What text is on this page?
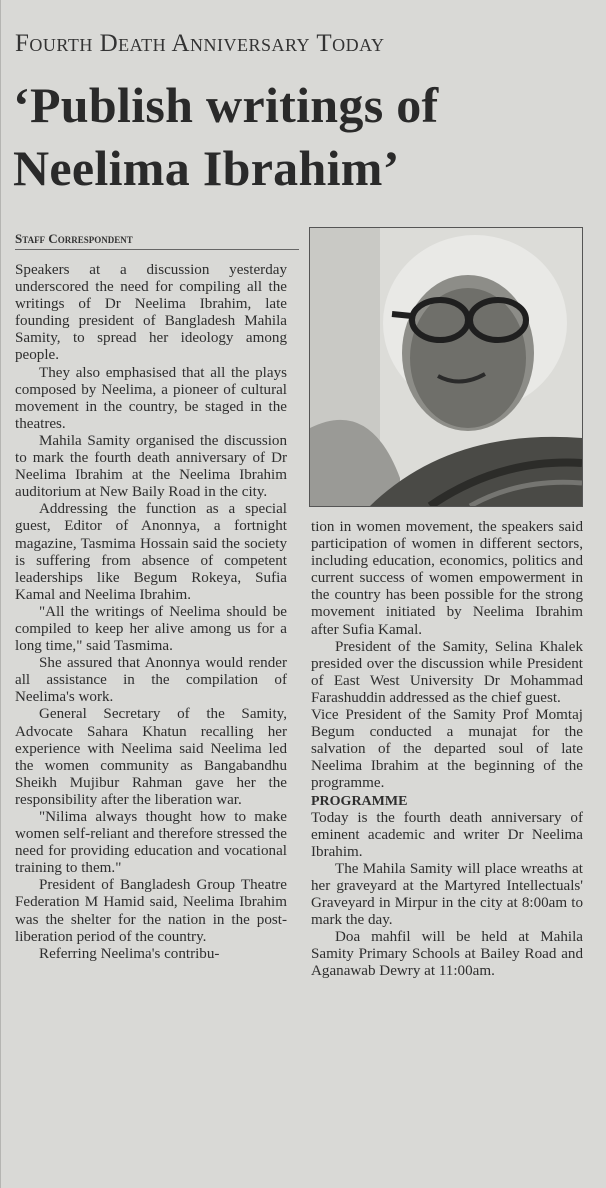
Fourth Death Anniversary Today
‘Publish writings of
Neelima Ibrahim’
Staff Correspondent

Speakers at a discussion yesterday underscored the need for compiling all the writings of Dr Neelima Ibrahim, late founding president of Bangladesh Mahila Samity, to spread her ideology among people.

They also emphasised that all the plays composed by Neelima, a pioneer of cultural movement in the country, be staged in the theatres.

Mahila Samity organised the discussion to mark the fourth death anniversary of Dr Neelima Ibrahim at the Neelima Ibrahim auditorium at New Baily Road in the city.

Addressing the function as a special guest, Editor of Anonnya, a fortnight magazine, Tasmima Hossain said the society is suffering from absence of competent leaderships like Begum Rokeya, Sufia Kamal and Neelima Ibrahim.

"All the writings of Neelima should be compiled to keep her alive among us for a long time," said Tasmima.

She assured that Anonnya would render all assistance in the compilation of Neelima's work.

General Secretary of the Samity, Advocate Sahara Khatun recalling her experience with Neelima said Neelima led the women community as Bangabandhu Sheikh Mujibur Rahman gave her the responsibility after the liberation war.

"Nilima always thought how to make women self-reliant and therefore stressed the need for providing education and vocational training to them."

President of Bangladesh Group Theatre Federation M Hamid said, Neelima Ibrahim was the shelter for the nation in the post-liberation period of the country.

Referring Neelima's contribu-

tion in women movement, the speakers said participation of women in different sectors, including education, economics, politics and current success of women empowerment in the country has been possible for the strong movement initiated by Neelima Ibrahim after Sufia Kamal.

President of the Samity, Selina Khalek presided over the discussion while President of East West University Dr Mohammad Farashuddin addressed as the chief guest.

Vice President of the Samity Prof Momtaj Begum conducted a munajat for the salvation of the departed soul of late Neelima Ibrahim at the beginning of the programme.

PROGRAMME

Today is the fourth death anniversary of eminent academic and writer Dr Neelima Ibrahim.

The Mahila Samity will place wreaths at her graveyard at the Martyred Intellectuals' Graveyard in Mirpur in the city at 8:00am to mark the day.

Doa mahfil will be held at Mahila Samity Primary Schools at Bailey Road and Aganawab Dewry at 11:00am.
